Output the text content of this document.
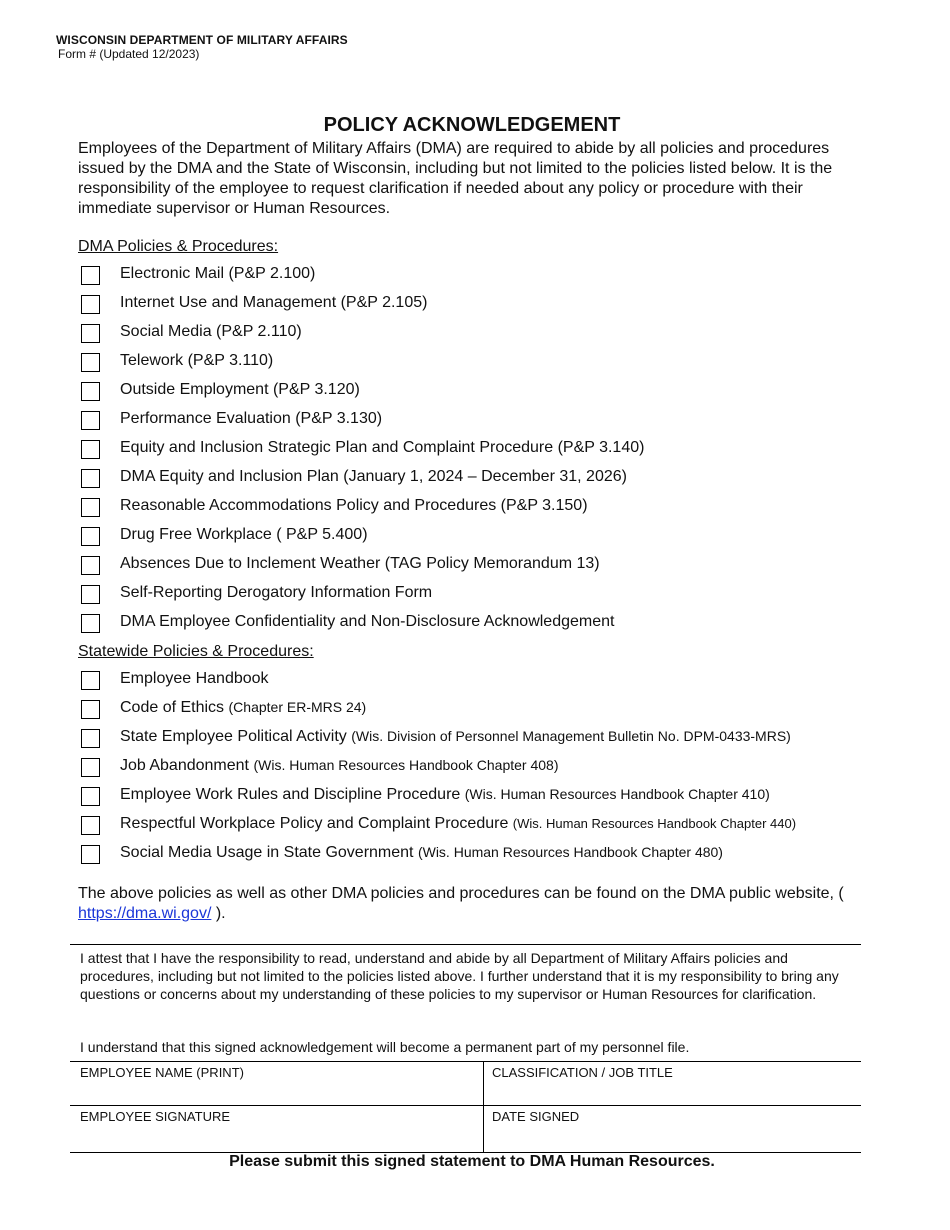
WISCONSIN DEPARTMENT OF MILITARY AFFAIRS
Form # (Updated 12/2023)
POLICY ACKNOWLEDGEMENT
Employees of the Department of Military Affairs (DMA) are required to abide by all policies and procedures issued by the DMA and the State of Wisconsin, including but not limited to the policies listed below. It is the responsibility of the employee to request clarification if needed about any policy or procedure with their immediate supervisor or Human Resources.
DMA Policies & Procedures:
Electronic Mail (P&P 2.100)
Internet Use and Management (P&P 2.105)
Social Media (P&P 2.110)
Telework (P&P 3.110)
Outside Employment (P&P 3.120)
Performance Evaluation (P&P 3.130)
Equity and Inclusion Strategic Plan and Complaint Procedure (P&P 3.140)
DMA Equity and Inclusion Plan (January 1, 2024 – December 31, 2026)
Reasonable Accommodations Policy and Procedures (P&P 3.150)
Drug Free Workplace ( P&P 5.400)
Absences Due to Inclement Weather (TAG Policy Memorandum 13)
Self-Reporting Derogatory Information Form
DMA Employee Confidentiality and Non-Disclosure Acknowledgement
Statewide Policies & Procedures:
Employee Handbook
Code of Ethics (Chapter ER-MRS 24)
State Employee Political Activity (Wis. Division of Personnel Management Bulletin No. DPM-0433-MRS)
Job Abandonment (Wis. Human Resources Handbook Chapter 408)
Employee Work Rules and Discipline Procedure (Wis. Human Resources Handbook Chapter 410)
Respectful Workplace Policy and Complaint Procedure (Wis. Human Resources Handbook Chapter 440)
Social Media Usage in State Government (Wis. Human Resources Handbook Chapter 480)
The above policies as well as other DMA policies and procedures can be found on the DMA public website, ( https://dma.wi.gov/ ).
I attest that I have the responsibility to read, understand and abide by all Department of Military Affairs policies and procedures, including but not limited to the policies listed above. I further understand that it is my responsibility to bring any questions or concerns about my understanding of these policies to my supervisor or Human Resources for clarification.
I understand that this signed acknowledgement will become a permanent part of my personnel file.
EMPLOYEE NAME (PRINT)	CLASSIFICATION / JOB TITLE
EMPLOYEE SIGNATURE	DATE SIGNED
Please submit this signed statement to DMA Human Resources.
